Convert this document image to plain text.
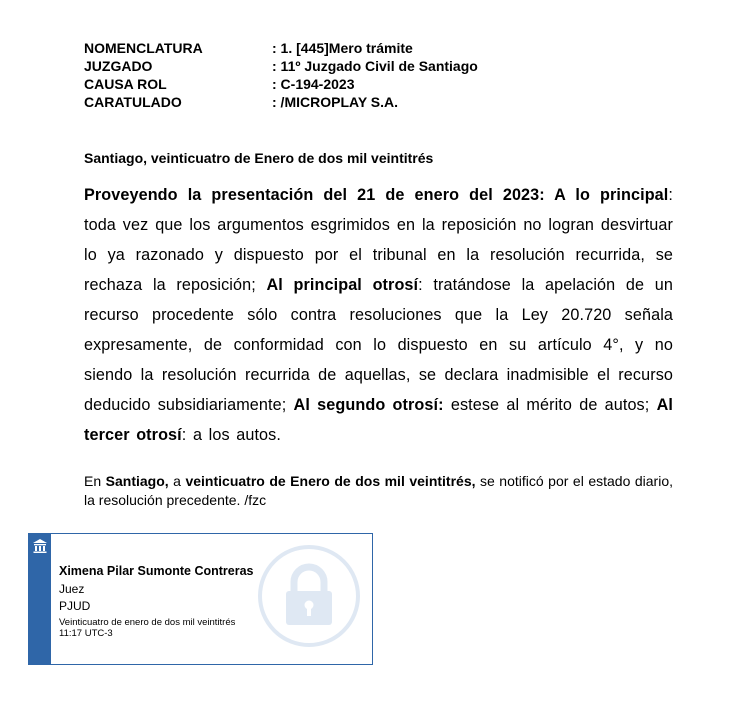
NOMENCLATURA	: 1. [445]Mero trámite
JUZGADO	: 11º Juzgado Civil de Santiago
CAUSA ROL	: C-194-2023
CARATULADO	: /MICROPLAY S.A.
Santiago, veinticuatro de Enero de dos mil veintitrés
Proveyendo la presentación del 21 de enero del 2023: A lo principal: toda vez que los argumentos esgrimidos en la reposición no logran desvirtuar lo ya razonado y dispuesto por el tribunal en la resolución recurrida, se rechaza la reposición; Al principal otrosí: tratándose la apelación de un recurso procedente sólo contra resoluciones que la Ley 20.720 señala expresamente, de conformidad con lo dispuesto en su artículo 4°, y no siendo la resolución recurrida de aquellas, se declara inadmisible el recurso deducido subsidiariamente; Al segundo otrosí: estese al mérito de autos; Al tercer otrosí: a los autos.
En Santiago, a veinticuatro de Enero de dos mil veintitrés, se notificó por el estado diario, la resolución precedente. /fzc
Ximena Pilar Sumonte Contreras
Juez
PJUD
Veinticuatro de enero de dos mil veintitrés
11:17 UTC-3
